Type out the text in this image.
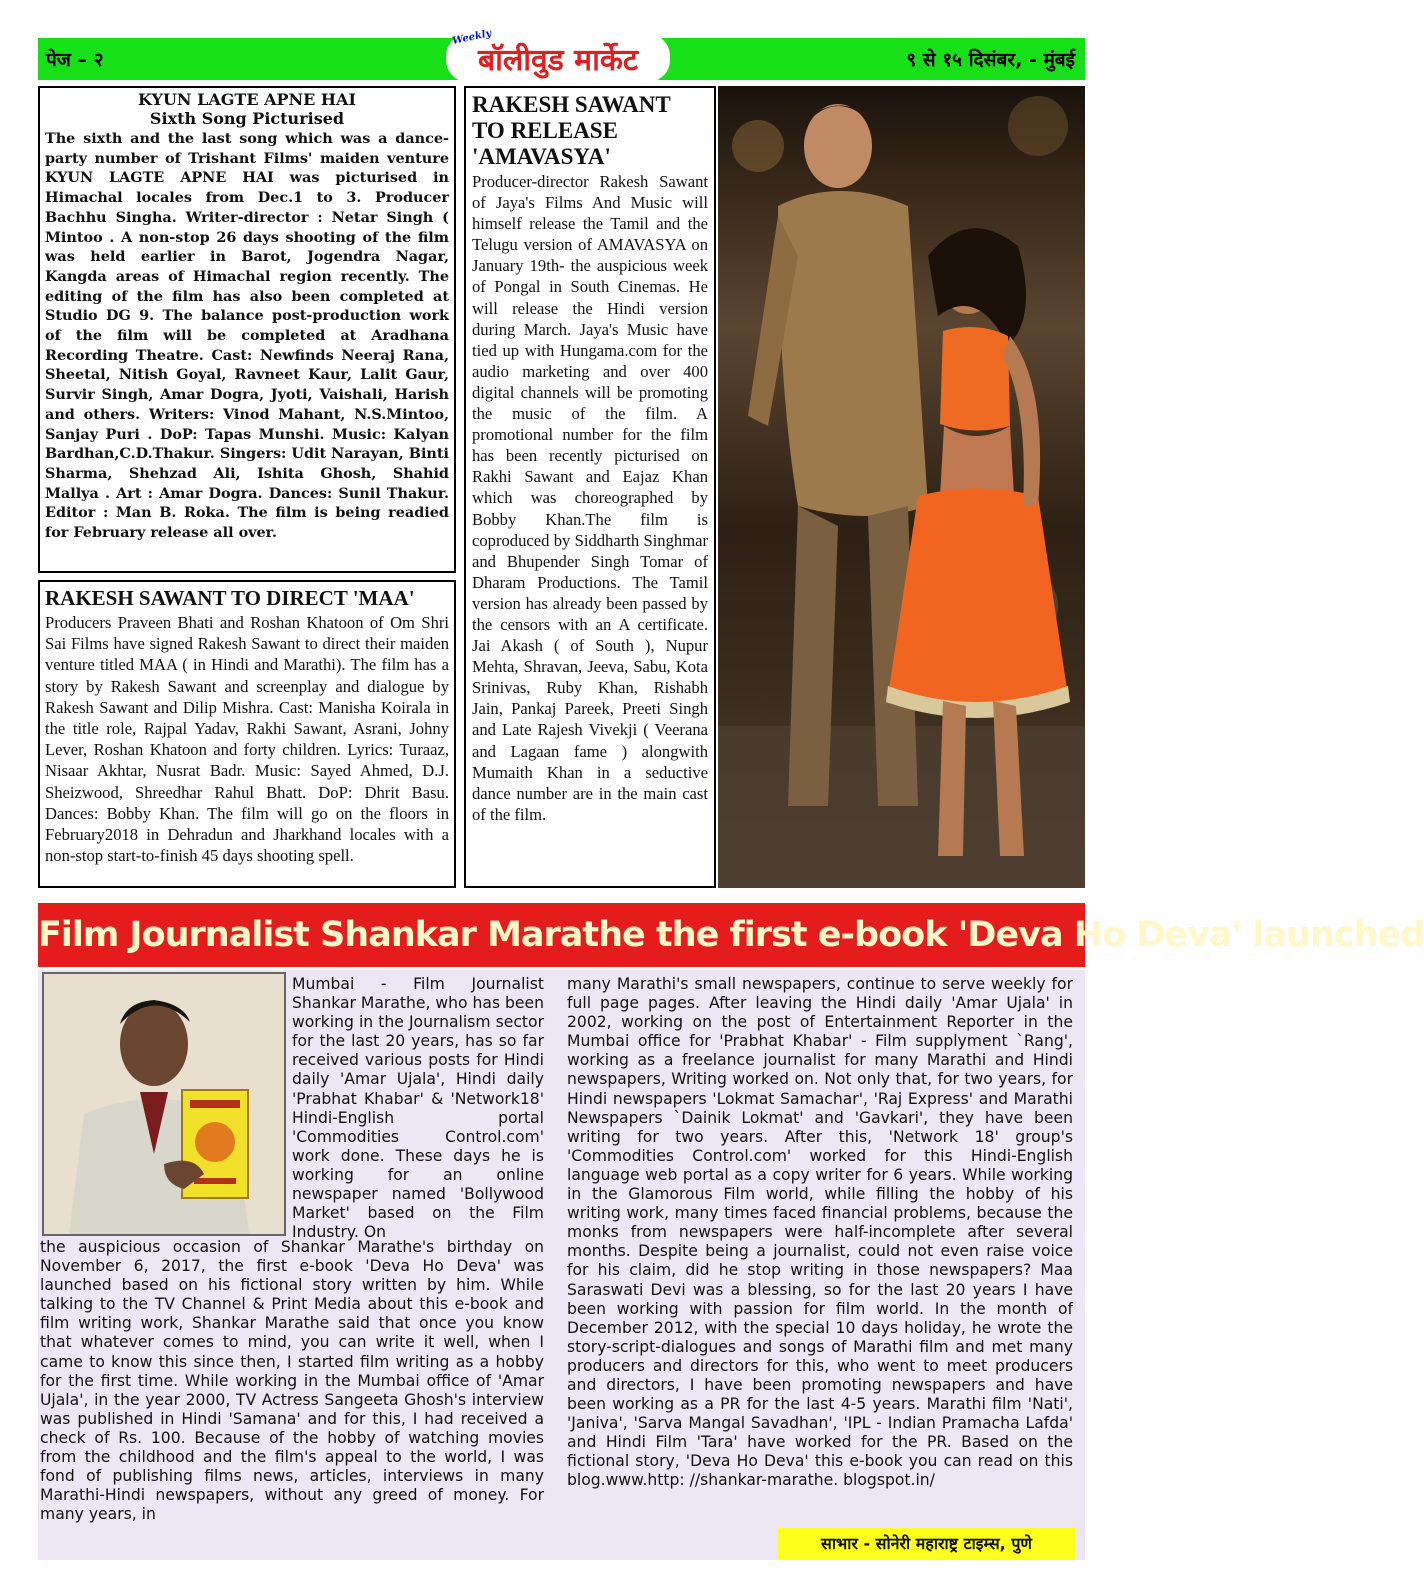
पेज – २	९ से १५ दिसंबर, - मुंबई
Weekly
बॉलीवुड मार्केट
KYUN LAGTE APNE HAI
Sixth Song Picturised
The sixth and the last song which was a dance-party number of Trishant Films' maiden venture KYUN LAGTE APNE HAI was picturised in Himachal locales from Dec.1 to 3. Producer Bachhu Singha. Writer-director : Netar Singh ( Mintoo . A non-stop 26 days shooting of the film was held earlier in Barot, Jogendra Nagar, Kangda areas of Himachal region recently. The editing of the film has also been completed at Studio DG 9. The balance post-production work of the film will be completed at Aradhana Recording Theatre. Cast: Newfinds Neeraj Rana, Sheetal, Nitish Goyal, Ravneet Kaur, Lalit Gaur, Survir Singh, Amar Dogra, Jyoti, Vaishali, Harish and others. Writers: Vinod Mahant, N.S.Mintoo, Sanjay Puri . DoP: Tapas Munshi. Music: Kalyan Bardhan,C.D.Thakur. Singers: Udit Narayan, Binti Sharma, Shehzad Ali, Ishita Ghosh, Shahid Mallya . Art : Amar Dogra. Dances: Sunil Thakur. Editor : Man B. Roka. The film is being readied for February release all over.
RAKESH SAWANT TO DIRECT 'MAA'
Producers Praveen Bhati and Roshan Khatoon of Om Shri Sai Films have signed Rakesh Sawant to direct their maiden venture titled MAA ( in Hindi and Marathi). The film has a story by Rakesh Sawant and screenplay and dialogue by Rakesh Sawant and Dilip Mishra. Cast: Manisha Koirala in the title role, Rajpal Yadav, Rakhi Sawant, Asrani, Johny Lever, Roshan Khatoon and forty children. Lyrics: Turaaz, Nisaar Akhtar, Nusrat Badr. Music: Sayed Ahmed, D.J. Sheizwood, Shreedhar Rahul Bhatt. DoP: Dhrit Basu. Dances: Bobby Khan. The film will go on the floors in February2018 in Dehradun and Jharkhand locales with a non-stop start-to-finish 45 days shooting spell.
RAKESH SAWANT
TO RELEASE
'AMAVASYA'
Producer-director Rakesh Sawant of Jaya's Films And Music will himself release the Tamil and the Telugu version of AMAVASYA on January 19th- the auspicious week of Pongal in South Cinemas. He will release the Hindi version during March. Jaya's Music have tied up with Hungama.com for the audio marketing and over 400 digital channels will be promoting the music of the film. A promotional number for the film has been recently picturised on Rakhi Sawant and Eajaz Khan which was choreographed by Bobby Khan.The film is coproduced by Siddharth Singhmar and Bhupender Singh Tomar of Dharam Productions. The Tamil version has already been passed by the censors with an A certificate. Jai Akash ( of South ), Nupur Mehta, Shravan, Jeeva, Sabu, Kota Srinivas, Ruby Khan, Rishabh Jain, Pankaj Pareek, Preeti Singh and Late Rajesh Vivekji ( Veerana and Lagaan fame ) alongwith Mumaith Khan in a seductive dance number are in the main cast of the film.
Film Journalist Shankar Marathe the first e-book 'Deva Ho Deva' launched
Mumbai - Film Journalist Shankar Marathe, who has been working in the Journalism sector for the last 20 years, has so far received various posts for Hindi daily 'Amar Ujala', Hindi daily 'Prabhat Khabar' & 'Network18' Hindi-English portal 'Commodities Control.com' work done. These days he is working for an online newspaper named 'Bollywood Market' based on the Film Industry. On
the auspicious occasion of Shankar Marathe's birthday on November 6, 2017, the first e-book 'Deva Ho Deva' was launched based on his fictional story written by him. While talking to the TV Channel & Print Media about this e-book and film writing work, Shankar Marathe said that once you know that whatever comes to mind, you can write it well, when I came to know this since then, I started film writing as a hobby for the first time. While working in the Mumbai office of 'Amar Ujala', in the year 2000, TV Actress Sangeeta Ghosh's interview was published in Hindi 'Samana' and for this, I had received a check of Rs. 100. Because of the hobby of watching movies from the childhood and the film's appeal to the world, I was fond of publishing films news, articles, interviews in many Marathi-Hindi newspapers, without any greed of money. For many years, in
many Marathi's small newspapers, continue to serve weekly for full page pages. After leaving the Hindi daily 'Amar Ujala' in 2002, working on the post of Entertainment Reporter in the Mumbai office for 'Prabhat Khabar' - Film supplyment `Rang', working as a freelance journalist for many Marathi and Hindi newspapers, Writing worked on. Not only that, for two years, for Hindi newspapers 'Lokmat Samachar', 'Raj Express' and Marathi Newspapers `Dainik Lokmat' and 'Gavkari', they have been writing for two years. After this, 'Network 18' group's 'Commodities Control.com' worked for this Hindi-English language web portal as a copy writer for 6 years. While working in the Glamorous Film world, while filling the hobby of his writing work, many times faced financial problems, because the monks from newspapers were half-incomplete after several months. Despite being a journalist, could not even raise voice for his claim, did he stop writing in those newspapers? Maa Saraswati Devi was a blessing, so for the last 20 years I have been working with passion for film world. In the month of December 2012, with the special 10 days holiday, he wrote the story-script-dialogues and songs of Marathi film and met many producers and directors for this, who went to meet producers and directors, I have been promoting newspapers and have been working as a PR for the last 4-5 years. Marathi film 'Nati', 'Janiva', 'Sarva Mangal Savadhan', 'IPL - Indian Pramacha Lafda' and Hindi Film 'Tara' have worked for the PR. Based on the fictional story, 'Deva Ho Deva' this e-book you can read on this blog.www.http: //shankar-marathe. blogspot.in/
साभार - सोनेरी महाराष्ट्र टाइम्स, पुणे
